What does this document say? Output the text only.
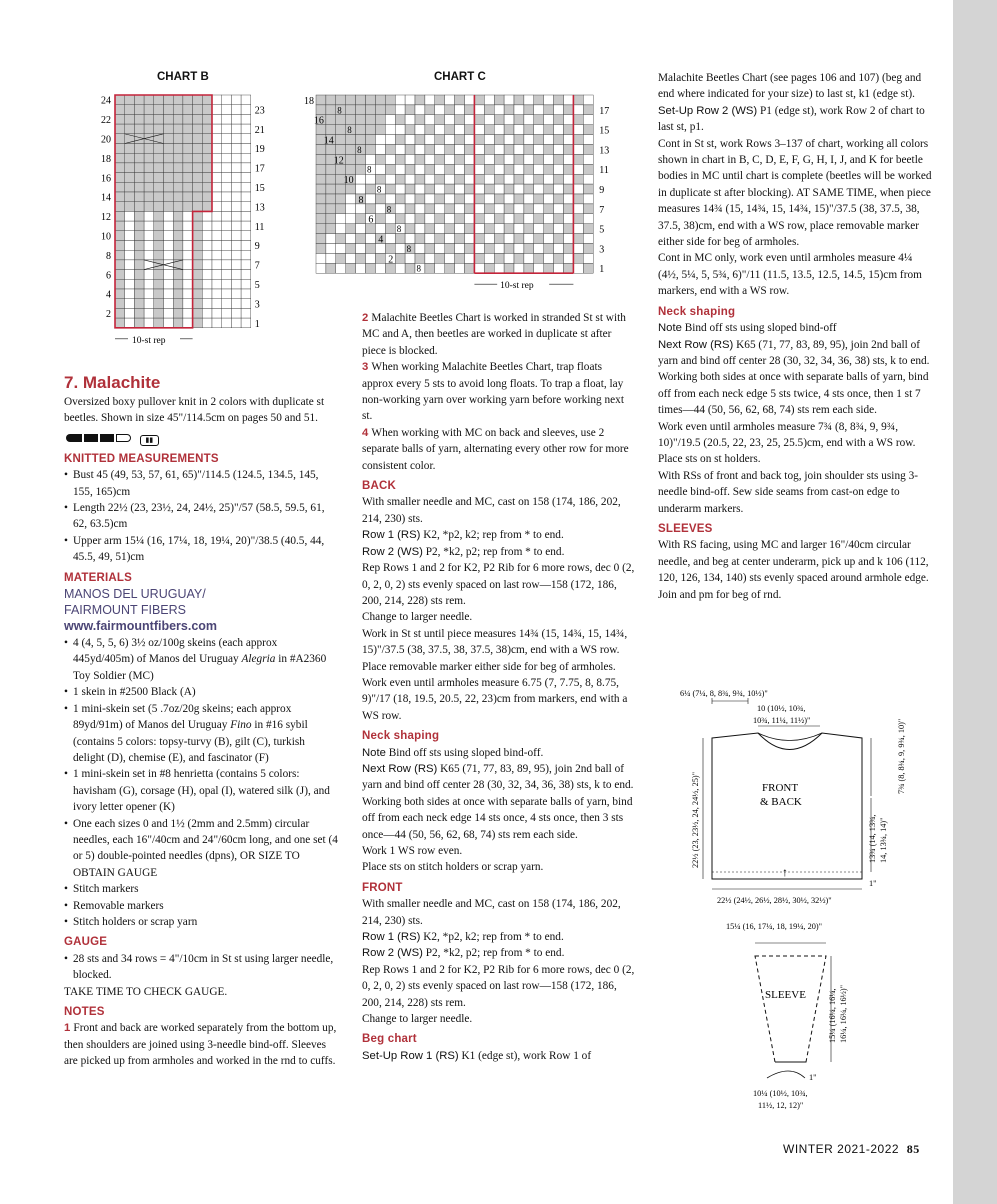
CHART B
24
22
20
18
16
14
12
10
8
6
4
2
23
21
19
17
15
13
11
9
7
5
3
1
10-st rep
CHART C
8
8
8
8
8
8
8
8
8
18
16
14
12
10
8
6
4
2
17
15
13
11
9
7
5
3
1
10-st rep
7. Malachite

Oversized boxy pullover knit in 2 colors with duplicate st beetles. Shown in size 45"/114.5cm on pages 50 and 51.

▮▮

KNITTED MEASUREMENTS

• Bust 45 (49, 53, 57, 61, 65)"/114.5 (124.5, 134.5, 145, 155, 165)cm
• Length 22½ (23, 23½, 24, 24½, 25)"/57 (58.5, 59.5, 61, 62, 63.5)cm
• Upper arm 15¼ (16, 17¼, 18, 19¼, 20)"/38.5 (40.5, 44, 45.5, 49, 51)cm

MATERIALS

MANOS DEL URUGUAY/ FAIRMOUNT FIBERS
www.fairmountfibers.com
• 4 (4, 5, 5, 6) 3½ oz/100g skeins (each approx 445yd/405m) of Manos del Uruguay Alegria in #A2360 Toy Soldier (MC)
• 1 skein in #2500 Black (A)
• 1 mini-skein set (5 .7oz/20g skeins; each approx 89yd/91m) of Manos del Uruguay Fino in #16 sybil (contains 5 colors: topsy-turvy (B), gilt (C), turkish delight (D), chemise (E), and fascinator (F)
• 1 mini-skein set in #8 henrietta (contains 5 colors: havisham (G), corsage (H), opal (I), watered silk (J), and ivory letter opener (K)
• One each sizes 0 and 1½ (2mm and 2.5mm) circular needles, each 16"/40cm and 24"/60cm long, and one set (4 or 5) double-pointed needles (dpns), OR SIZE TO OBTAIN GAUGE
• Stitch markers
• Removable markers
• Stitch holders or scrap yarn

GAUGE

• 28 sts and 34 rows = 4"/10cm in St st using larger needle, blocked.

TAKE TIME TO CHECK GAUGE.

NOTES

1 Front and back are worked separately from the bottom up, then shoulders are joined using 3-needle bind-off. Sleeves are picked up from armholes and worked in the rnd to cuffs.

2 Malachite Beetles Chart is worked in stranded St st with MC and A, then beetles are worked in duplicate st after piece is blocked.

3 When working Malachite Beetles Chart, trap floats approx every 5 sts to avoid long floats. To trap a float, lay non-working yarn over working yarn before working next st.

4 When working with MC on back and sleeves, use 2 separate balls of yarn, alternating every other row for more consistent color.

BACK

With smaller needle and MC, cast on 158 (174, 186, 202, 214, 230) sts.

Row 1 (RS) K2, *p2, k2; rep from * to end.

Row 2 (WS) P2, *k2, p2; rep from * to end.

Rep Rows 1 and 2 for K2, P2 Rib for 6 more rows, dec 0 (2, 0, 2, 0, 2) sts evenly spaced on last row—158 (172, 186, 200, 214, 228) sts rem.

Change to larger needle.

Work in St st until piece measures 14¾ (15, 14¾, 15, 14¾, 15)"/37.5 (38, 37.5, 38, 37.5, 38)cm, end with a WS row. Place removable marker either side for beg of armholes.

Work even until armholes measure 6.75 (7, 7.75, 8, 8.75, 9)"/17 (18, 19.5, 20.5, 22, 23)cm from markers, end with a WS row.

Neck shaping

Note Bind off sts using sloped bind-off.

Next Row (RS) K65 (71, 77, 83, 89, 95), join 2nd ball of yarn and bind off center 28 (30, 32, 34, 36, 38) sts, k to end. Working both sides at once with separate balls of yarn, bind off from each neck edge 14 sts once, 4 sts once, then 3 sts once—44 (50, 56, 62, 68, 74) sts rem each side.

Work 1 WS row even.

Place sts on stitch holders or scrap yarn.

FRONT

With smaller needle and MC, cast on 158 (174, 186, 202, 214, 230) sts.

Row 1 (RS) K2, *p2, k2; rep from * to end.

Row 2 (WS) P2, *k2, p2; rep from * to end.

Rep Rows 1 and 2 for K2, P2 Rib for 6 more rows, dec 0 (2, 0, 2, 0, 2) sts evenly spaced on last row—158 (172, 186, 200, 214, 228) sts rem.

Change to larger needle.

Beg chart

Set-Up Row 1 (RS) K1 (edge st), work Row 1 of

Malachite Beetles Chart (see pages 106 and 107) (beg and end where indicated for your size) to last st, k1 (edge st).

Set-Up Row 2 (WS) P1 (edge st), work Row 2 of chart to last st, p1.

Cont in St st, work Rows 3–137 of chart, working all colors shown in chart in B, C, D, E, F, G, H, I, J, and K for beetle bodies in MC until chart is complete (beetles will be worked in duplicate st after blocking). AT SAME TIME, when piece measures 14¾ (15, 14¾, 15, 14¾, 15)"/37.5 (38, 37.5, 38, 37.5, 38)cm, end with a WS row, place removable marker either side for beg of armholes.

Cont in MC only, work even until armholes measure 4¼ (4½, 5¼, 5, 5¾, 6)"/11 (11.5, 13.5, 12.5, 14.5, 15)cm from markers, end with a WS row.

Neck shaping

Note Bind off sts using sloped bind-off

Next Row (RS) K65 (71, 77, 83, 89, 95), join 2nd ball of yarn and bind off center 28 (30, 32, 34, 36, 38) sts, k to end. Working both sides at once with separate balls of yarn, bind off from each neck edge 5 sts twice, 4 sts once, then 1 st 7 times—44 (50, 56, 62, 68, 74) sts rem each side.

Work even until armholes measure 7¾ (8, 8¾, 9, 9¾, 10)"/19.5 (20.5, 22, 23, 25, 25.5)cm, end with a WS row. Place sts on st holders.

With RSs of front and back tog, join shoulder sts using 3-needle bind-off. Sew side seams from cast-on edge to underarm markers.

SLEEVES

With RS facing, using MC and larger 16"/40cm circular needle, and beg at center underarm, pick up and k 106 (112, 120, 126, 134, 140) sts evenly spaced around armhole edge. Join and pm for beg of rnd.

6¼ (7¼, 8, 8¾, 9¾, 10½)"
10 (10½, 10¾,
10¾, 11¼, 11½)"
FRONT
& BACK
↑
22½ (23, 23½, 24, 24½, 25)"
7¾ (8, 8¾, 9, 9¾, 10)"
13¾ (14, 13¾, 14, 13¾, 14)"
1"
22½ (24½, 26½, 28½, 30½, 32½)"
15¼ (16, 17¼, 18, 19¼, 20)"
SLEEVE	15¼ (16¼, 16¼, 16¼, 16¼, 16½)"
1"
10¼ (10½, 10¾,
11½, 12, 12)"
WINTER 2021-2022 85
